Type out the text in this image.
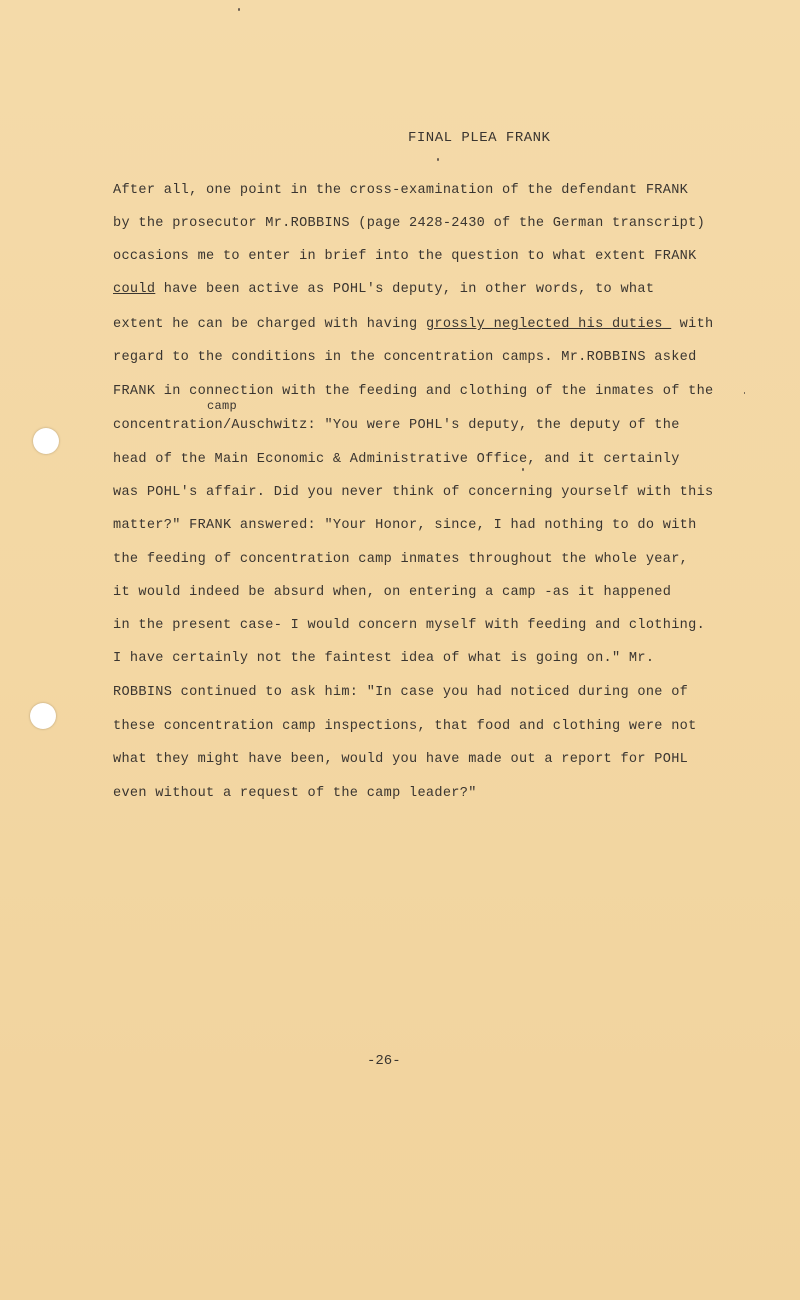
FINAL PLEA FRANK
After all, one point in the cross-examination of the defendant FRANK
by the prosecutor Mr.ROBBINS (page 2428-2430 of the German transcript)
occasions me to enter in brief into the question to what extent FRANK
could have been active as POHL's deputy, in other words, to what
extent he can be charged with having grossly neglected his duties_ with
regard to the conditions in the concentration camps. Mr.ROBBINS asked
FRANK in connection with the feeding and clothing of the inmates of the
camp
concentration/Auschwitz: "You were POHL's deputy, the deputy of the
head of the Main Economic & Administrative Office, and it certainly
was POHL's affair. Did you never think of concerning yourself with this
matter?" FRANK answered: "Your Honor, since, I had nothing to do with
the feeding of concentration camp inmates throughout the whole year,
it would indeed be absurd when, on entering a camp -as it happened
in the present case- I would concern myself with feeding and clothing.
I have certainly not the faintest idea of what is going on." Mr.
ROBBINS continued to ask him: "In case you had noticed during one of
these concentration camp inspections, that food and clothing were not
what they might have been, would you have made out a report for POHL
even without a request of the camp leader?"
-26-
